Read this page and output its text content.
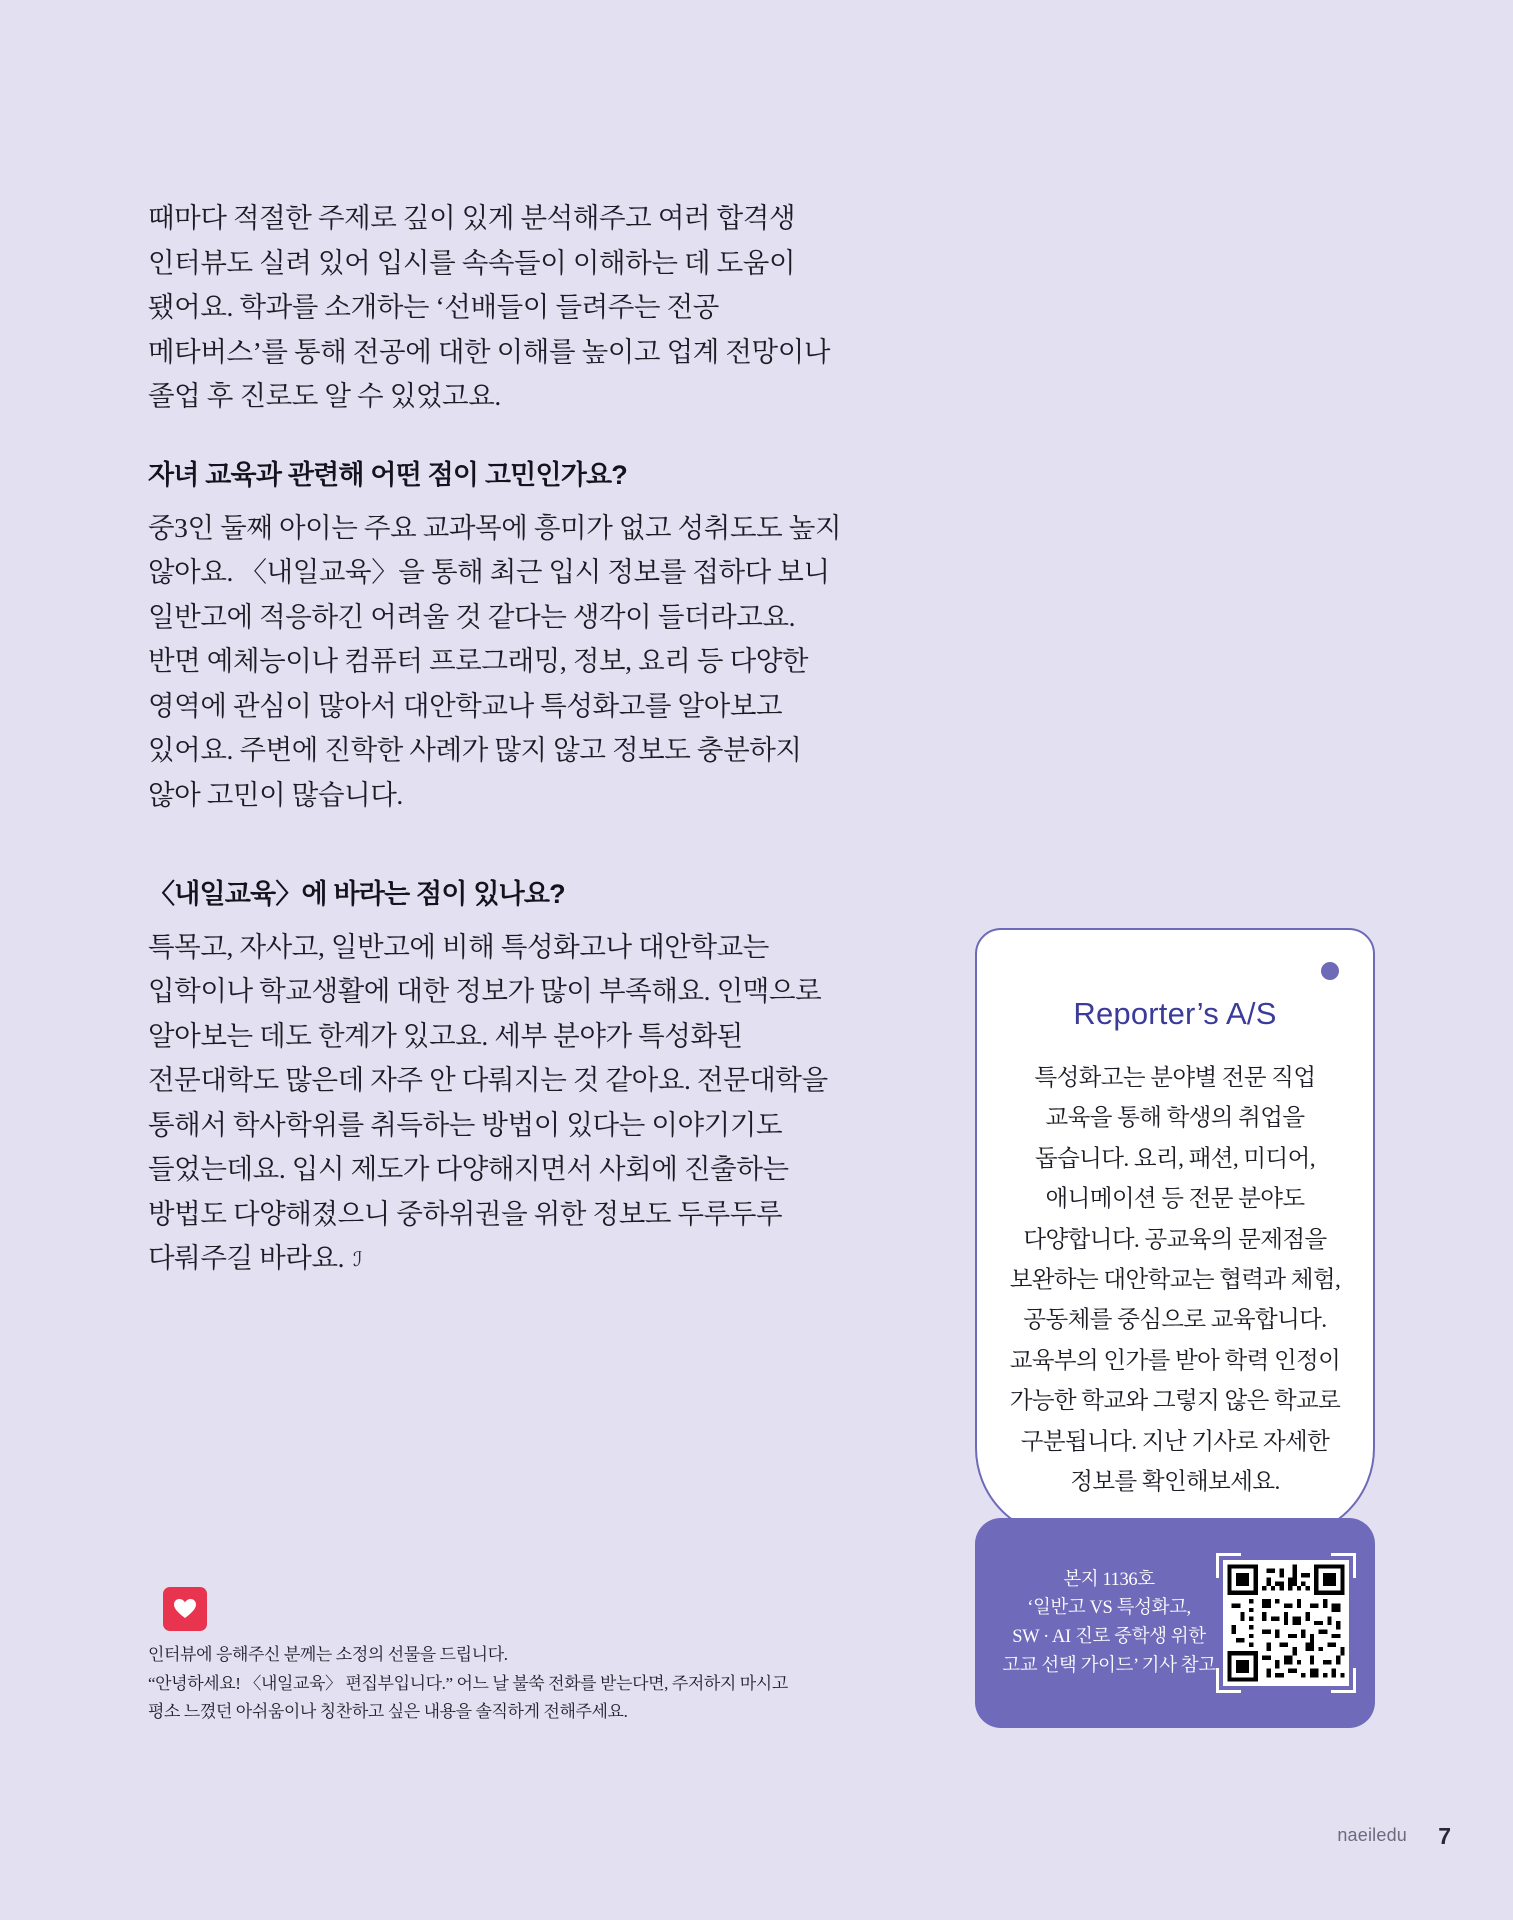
때마다 적절한 주제로 깊이 있게 분석해주고 여러 합격생 인터뷰도 실려 있어 입시를 속속들이 이해하는 데 도움이 됐어요. 학과를 소개하는 ‘선배들이 들려주는 전공 메타버스’를 통해 전공에 대한 이해를 높이고 업계 전망이나 졸업 후 진로도 알 수 있었고요.

자녀 교육과 관련해 어떤 점이 고민인가요?

중3인 둘째 아이는 주요 교과목에 흥미가 없고 성취도도 높지 않아요. 〈내일교육〉을 통해 최근 입시 정보를 접하다 보니 일반고에 적응하긴 어려울 것 같다는 생각이 들더라고요.

반면 예체능이나 컴퓨터 프로그래밍, 정보, 요리 등 다양한 영역에 관심이 많아서 대안학교나 특성화고를 알아보고 있어요. 주변에 진학한 사례가 많지 않고 정보도 충분하지 않아 고민이 많습니다.

〈내일교육〉에 바라는 점이 있나요?

특목고, 자사고, 일반고에 비해 특성화고나 대안학교는 입학이나 학교생활에 대한 정보가 많이 부족해요. 인맥으로 알아보는 데도 한계가 있고요. 세부 분야가 특성화된 전문대학도 많은데 자주 안 다뤄지는 것 같아요. 전문대학을 통해서 학사학위를 취득하는 방법이 있다는 이야기기도 들었는데요. 입시 제도가 다양해지면서 사회에 진출하는 방법도 다양해졌으니 중하위권을 위한 정보도 두루두루 다뤄주길 바라요. ℐ

Reporter’s A/S
특성화고는 분야별 전문 직업 교육을 통해 학생의 취업을 돕습니다. 요리, 패션, 미디어, 애니메이션 등 전문 분야도 다양합니다. 공교육의 문제점을 보완하는 대안학교는 협력과 체험, 공동체를 중심으로 교육합니다. 교육부의 인가를 받아 학력 인정이 가능한 학교와 그렇지 않은 학교로 구분됩니다. 지난 기사로 자세한 정보를 확인해보세요.
본지 1136호
‘일반고 VS 특성화고,
SW · AI 진로 중학생 위한
고교 선택 가이드’ 기사 참고
인터뷰에 응해주신 분께는 소정의 선물을 드립니다.
“안녕하세요! 〈내일교육〉 편집부입니다.” 어느 날 불쑥 전화를 받는다면, 주저하지 마시고
평소 느꼈던 아쉬움이나 칭찬하고 싶은 내용을 솔직하게 전해주세요.
naeiledu 7
